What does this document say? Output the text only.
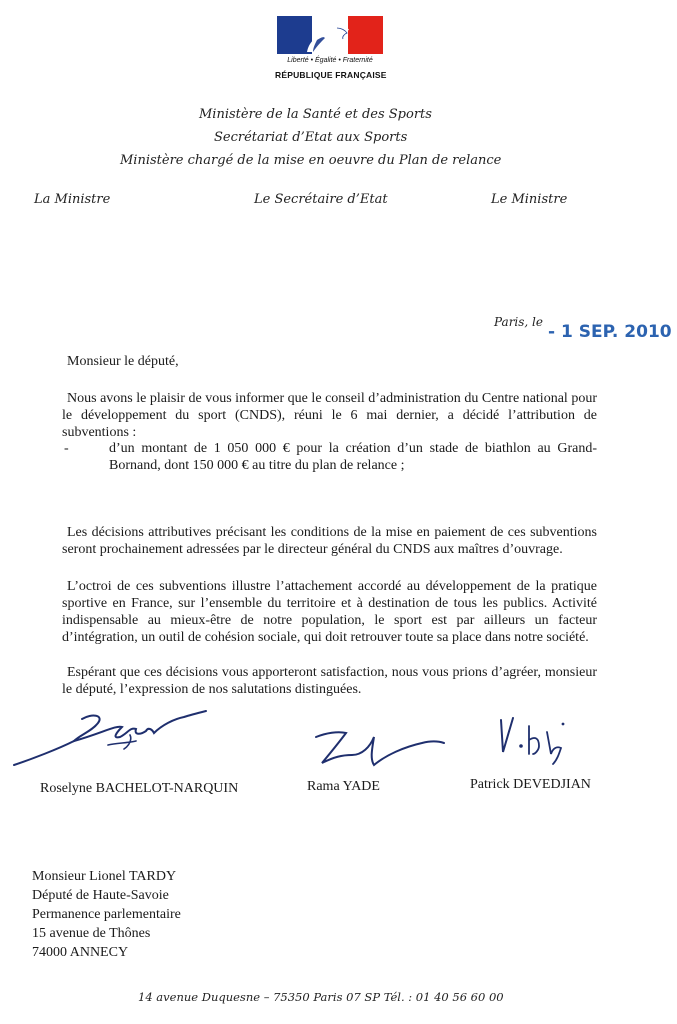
Liberté • Égalité • Fraternité
RÉPUBLIQUE FRANÇAISE
Ministère de la Santé et des Sports
Secrétariat d’Etat aux Sports
Ministère chargé de la mise en oeuvre du Plan de relance
La Ministre	Le Secrétaire d’Etat	Le Ministre
Paris, le - 1 SEP. 2010
Monsieur le député,
Nous avons le plaisir de vous informer que le conseil d’administration du Centre national pour le développement du sport (CNDS), réuni le 6 mai dernier, a décidé l’attribution de subventions :
-	d’un montant de 1 050 000 € pour la création d’un stade de biathlon au Grand-Bornand, dont 150 000 € au titre du plan de relance ;
Les décisions attributives précisant les conditions de la mise en paiement de ces subventions seront prochainement adressées par le directeur général du CNDS aux maîtres d’ouvrage.
L’octroi de ces subventions illustre l’attachement accordé au développement de la pratique sportive en France, sur l’ensemble du territoire et à destination de tous les publics. Activité indispensable au mieux-être de notre population, le sport est par ailleurs un facteur d’intégration, un outil de cohésion sociale, qui doit retrouver toute sa place dans notre société.
Espérant que ces décisions vous apporteront satisfaction, nous vous prions d’agréer, monsieur le député, l’expression de nos salutations distinguées.
Roselyne BACHELOT-NARQUIN	Rama YADE	Patrick DEVEDJIAN
Monsieur Lionel TARDY
Député de Haute-Savoie
Permanence parlementaire
15 avenue de Thônes
74000 ANNECY
14 avenue Duquesne – 75350 Paris 07 SP Tél. : 01 40 56 60 00
